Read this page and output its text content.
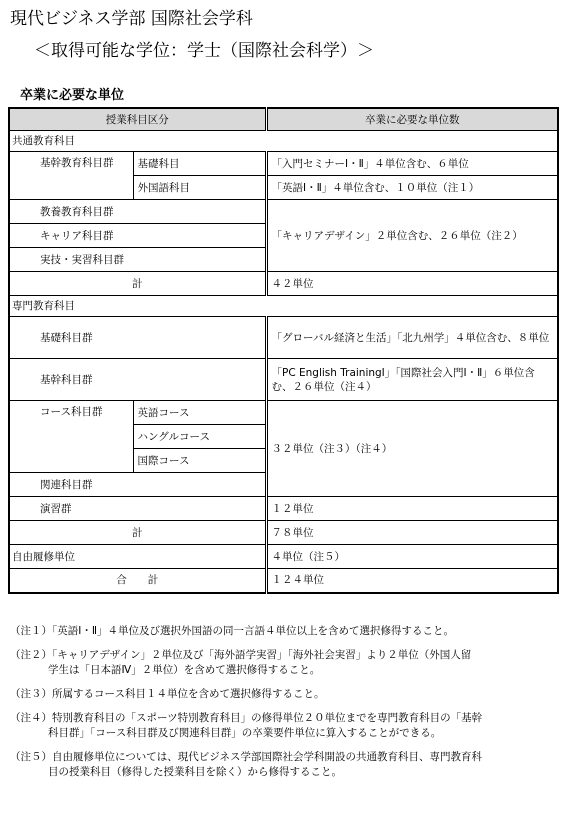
現代ビジネス学部 国際社会学科
＜取得可能な学位：学士（国際社会科学）＞
卒業に必要な単位
授業科目区分		卒業に必要な単位数
共通教育科目		
基幹教育科目群	基礎科目	「入門セミナーⅠ・Ⅱ」４単位含む、６単位
	外国語科目	「英語Ⅰ・Ⅱ」４単位含む、１０単位（注１）
教養教育科目群		「キャリアデザイン」２単位含む、２６単位（注２）
キャリア科目群		
実技・実習科目群		
計		４２単位
専門教育科目		
基礎科目群		「グローバル経済と生活」「北九州学」４単位含む、８単位
基幹科目群		「PC English TrainingⅠ」「国際社会入門Ⅰ・Ⅱ」６単位含む、２６単位（注４）
コース科目群	英語コース	３２単位（注３）（注４）
	ハングルコース	
	国際コース	
関連科目群		
演習群		１２単位
計		７８単位
自由履修単位		４単位（注５）
合　　計		１２４単位
（注１）「英語Ⅰ・Ⅱ」４単位及び選択外国語の同一言語４単位以上を含めて選択修得すること。
（注２）「キャリアデザイン」２単位及び「海外語学実習」「海外社会実習」より２単位（外国人留
学生は「日本語Ⅳ」２単位）を含めて選択修得すること。
（注３）所属するコース科目１４単位を含めて選択修得すること。
（注４）特別教育科目の「スポーツ特別教育科目」の修得単位２０単位までを専門教育科目の「基幹
科目群」「コース科目群及び関連科目群」の卒業要件単位に算入することができる。
（注５）自由履修単位については、現代ビジネス学部国際社会学科開設の共通教育科目、専門教育科
目の授業科目（修得した授業科目を除く）から修得すること。
